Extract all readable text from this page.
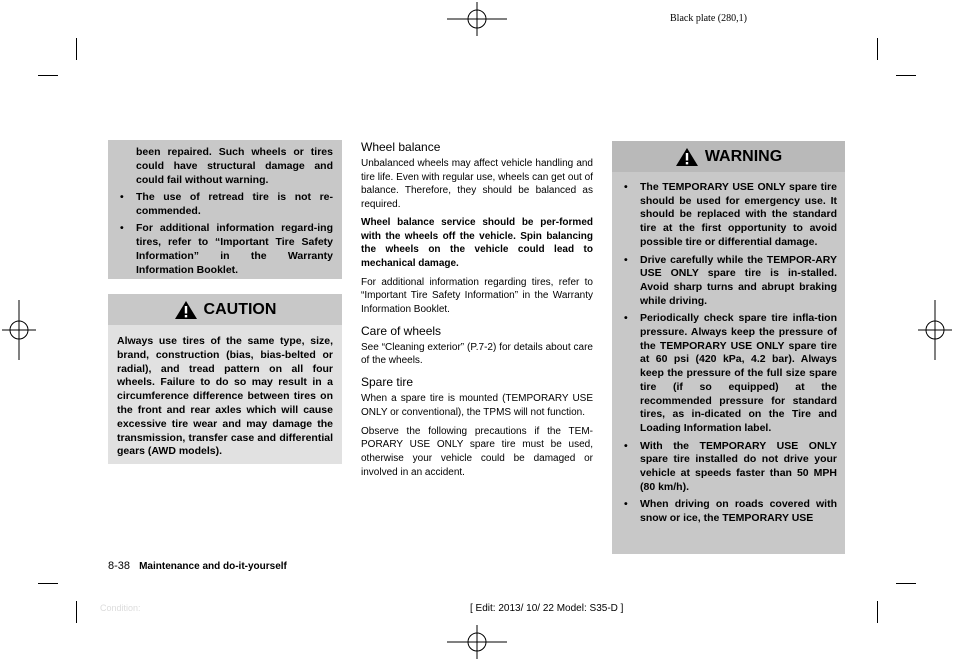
Black plate (280,1)
been repaired. Such wheels or tires could have structural damage and could fail without warning.
• The use of retread tire is not re-commended.
• For additional information regard-ing tires, refer to “Important Tire Safety Information” in the Warranty Information Booklet.
CAUTION
Always use tires of the same type, size, brand, construction (bias, bias-belted or radial), and tread pattern on all four wheels. Failure to do so may result in a circumference difference between tires on the front and rear axles which will cause excessive tire wear and may damage the transmission, transfer case and differential gears (AWD models).
Wheel balance
Unbalanced wheels may affect vehicle handling and tire life. Even with regular use, wheels can get out of balance. Therefore, they should be balanced as required.
Wheel balance service should be per-formed with the wheels off the vehicle. Spin balancing the wheels on the vehicle could lead to mechanical damage.
For additional information regarding tires, refer to “Important Tire Safety Information” in the Warranty Information Booklet.
Care of wheels
See “Cleaning exterior” (P.7-2) for details about care of the wheels.
Spare tire
When a spare tire is mounted (TEMPORARY USE ONLY or conventional), the TPMS will not function.
Observe the following precautions if the TEM-PORARY USE ONLY spare tire must be used, otherwise your vehicle could be damaged or involved in an accident.
WARNING
• The TEMPORARY USE ONLY spare tire should be used for emergency use. It should be replaced with the standard tire at the first opportunity to avoid possible tire or differential damage.
• Drive carefully while the TEMPOR-ARY USE ONLY spare tire is in-stalled. Avoid sharp turns and abrupt braking while driving.
• Periodically check spare tire infla-tion pressure. Always keep the pressure of the TEMPORARY USE ONLY spare tire at 60 psi (420 kPa, 4.2 bar). Always keep the pressure of the full size spare tire (if so equipped) at the recommended pressure for standard tires, as in-dicated on the Tire and Loading Information label.
• With the TEMPORARY USE ONLY spare tire installed do not drive your vehicle at speeds faster than 50 MPH (80 km/h).
• When driving on roads covered with snow or ice, the TEMPORARY USE
8-38 Maintenance and do-it-yourself
Condition:	[ Edit: 2013/ 10/ 22 Model: S35-D ]
